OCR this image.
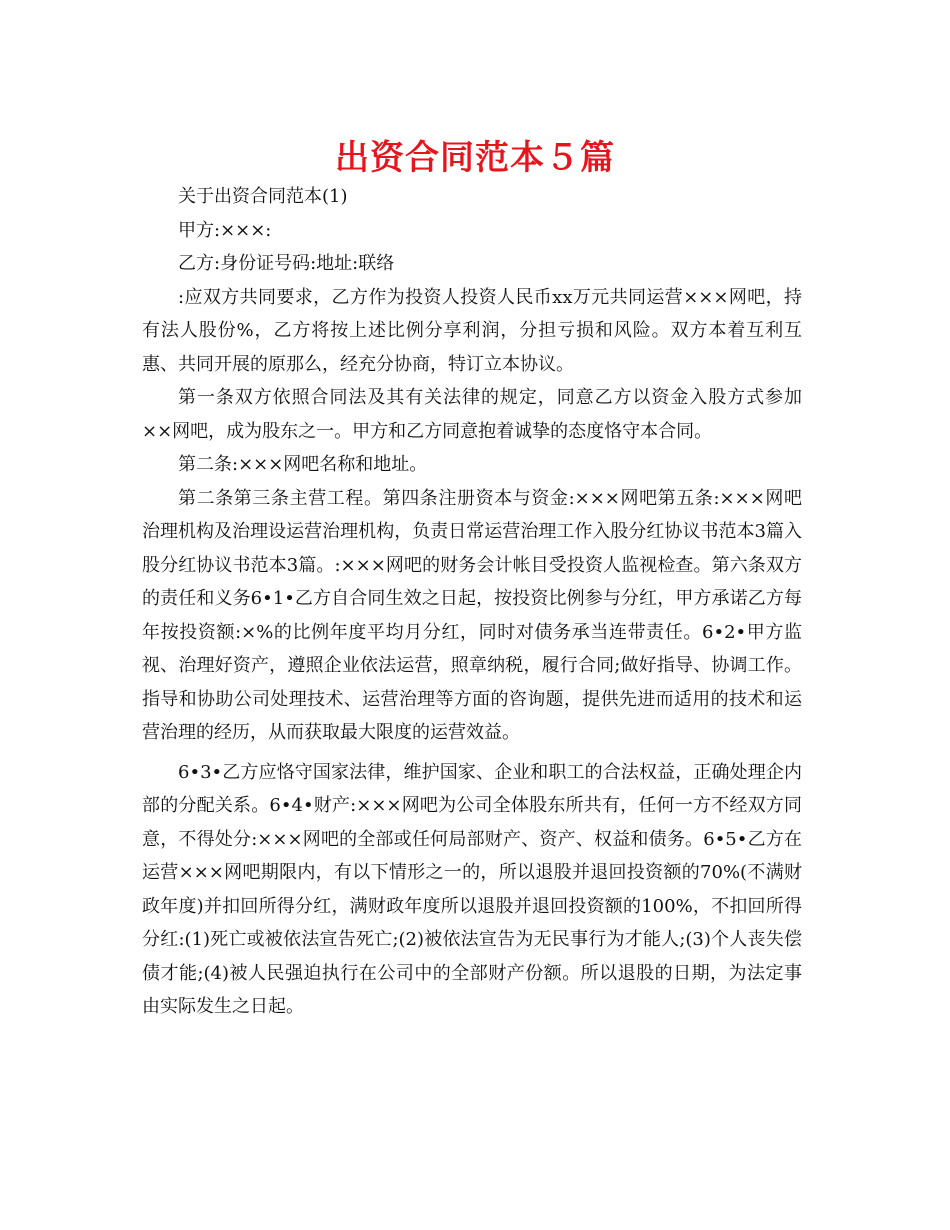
出资合同范本５篇

关于出资合同范本(1)

甲方:×××:

乙方:身份证号码:地址:联络

:应双方共同要求，乙方作为投资人投资人民币xx万元共同运营×××网吧，持有法人股份%，乙方将按上述比例分享利润，分担亏损和风险。双方本着互利互惠、共同开展的原那么，经充分协商，特订立本协议。

第一条双方依照合同法及其有关法律的规定，同意乙方以资金入股方式参加××网吧，成为股东之一。甲方和乙方同意抱着诚挚的态度恪守本合同。

第二条:×××网吧名称和地址。

第二条第三条主营工程。第四条注册资本与资金:×××网吧第五条:×××网吧治理机构及治理设运营治理机构，负责日常运营治理工作入股分红协议书范本3篇入股分红协议书范本3篇。:×××网吧的财务会计帐目受投资人监视检查。第六条双方的责任和义务6•1•乙方自合同生效之日起，按投资比例参与分红，甲方承诺乙方每年按投资额:×%的比例年度平均月分红，同时对债务承当连带责任。6•2•甲方监视、治理好资产，遵照企业依法运营，照章纳税，履行合同;做好指导、协调工作。指导和协助公司处理技术、运营治理等方面的咨询题，提供先进而适用的技术和运营治理的经历，从而获取最大限度的运营效益。

6•3•乙方应恪守国家法律，维护国家、企业和职工的合法权益，正确处理企内部的分配关系。6•4•财产:×××网吧为公司全体股东所共有，任何一方不经双方同意，不得处分:×××网吧的全部或任何局部财产、资产、权益和债务。6•5•乙方在运营×××网吧期限内，有以下情形之一的，所以退股并退回投资额的70%(不满财政年度)并扣回所得分红，满财政年度所以退股并退回投资额的100%，不扣回所得分红:(1)死亡或被依法宣告死亡;(2)被依法宣告为无民事行为才能人;(3)个人丧失偿债才能;(4)被人民强迫执行在公司中的全部财产份额。所以退股的日期，为法定事由实际发生之日起。
